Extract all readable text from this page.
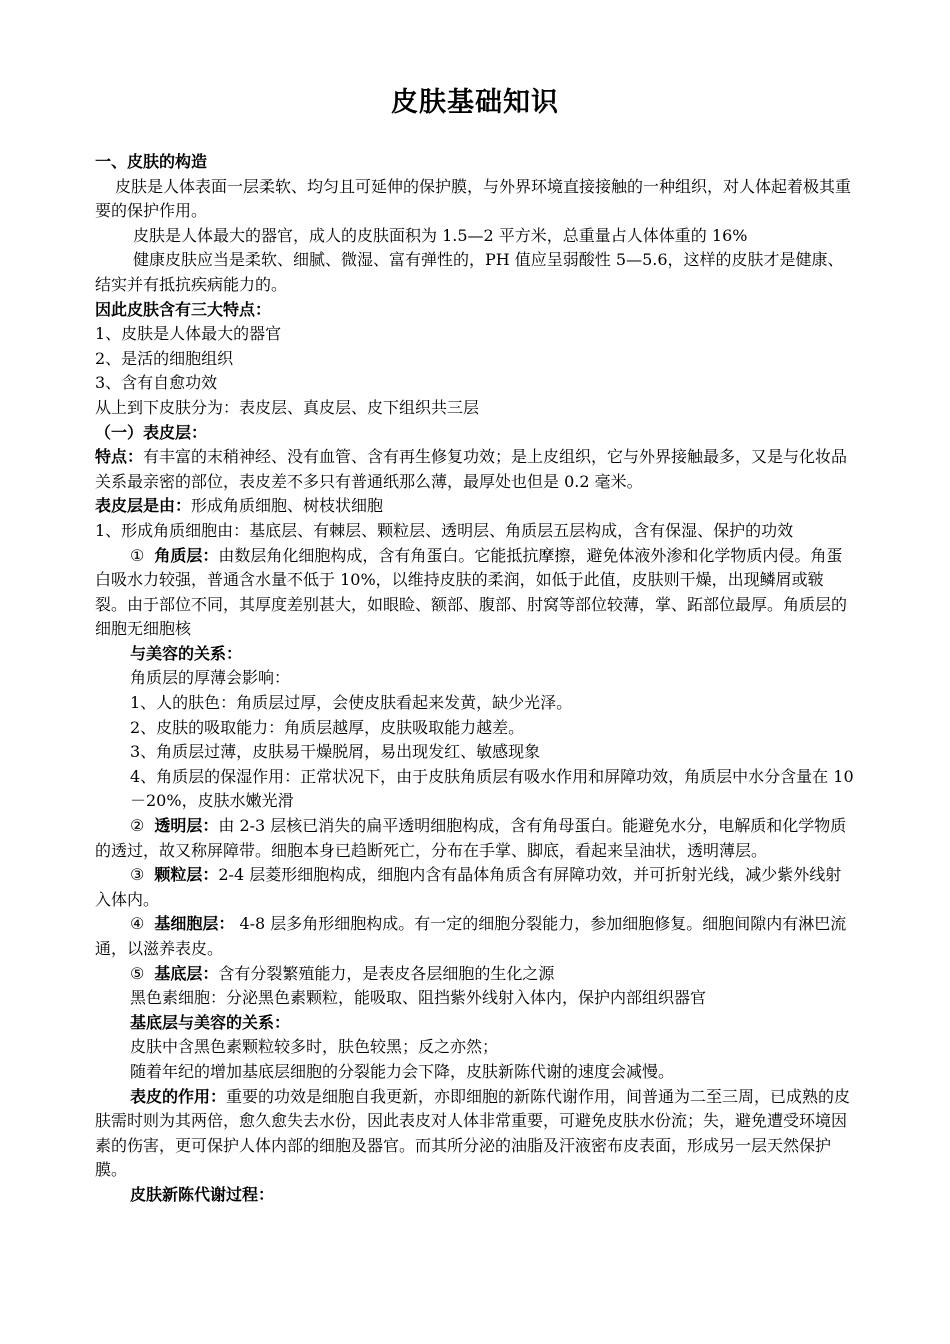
皮肤基础知识

一、皮肤的构造

皮肤是人体表面一层柔软、均匀且可延伸的保护膜，与外界环境直接接触的一种组织，对人体起着极其重要的保护作用。

皮肤是人体最大的器官，成人的皮肤面积为 1.5—2 平方米，总重量占人体体重的 16%

健康皮肤应当是柔软、细腻、微湿、富有弹性的，PH 值应呈弱酸性 5—5.6，这样的皮肤才是健康、结实并有抵抗疾病能力的。

因此皮肤含有三大特点：

1、皮肤是人体最大的器官

2、是活的细胞组织

3、含有自愈功效

从上到下皮肤分为：表皮层、真皮层、皮下组织共三层

（一）表皮层：

特点：有丰富的末稍神经、没有血管、含有再生修复功效；是上皮组织，它与外界接触最多，又是与化妆品关系最亲密的部位，表皮差不多只有普通纸那么薄，最厚处也但是 0.2 毫米。

表皮层是由：形成角质细胞、树枝状细胞

1、形成角质细胞由：基底层、有棘层、颗粒层、透明层、角质层五层构成，含有保湿、保护的功效

① 角质层：由数层角化细胞构成，含有角蛋白。它能抵抗摩擦，避免体液外渗和化学物质内侵。角蛋白吸水力较强，普通含水量不低于 10%，以维持皮肤的柔润，如低于此值，皮肤则干燥，出现鳞屑或皲裂。由于部位不同，其厚度差别甚大，如眼睑、额部、腹部、肘窝等部位较薄，掌、跖部位最厚。角质层的细胞无细胞核

与美容的关系：

角质层的厚薄会影响：

1、人的肤色：角质层过厚，会使皮肤看起来发黄，缺少光泽。

2、皮肤的吸取能力：角质层越厚，皮肤吸取能力越差。

3、角质层过薄，皮肤易干燥脱屑，易出现发红、敏感现象

4、角质层的保湿作用：正常状况下，由于皮肤角质层有吸水作用和屏障功效，角质层中水分含量在 10－20%，皮肤水嫩光滑

② 透明层：由 2-3 层核已消失的扁平透明细胞构成，含有角母蛋白。能避免水分，电解质和化学物质的透过，故又称屏障带。细胞本身已趋断死亡，分布在手掌、脚底，看起来呈油状，透明薄层。

③ 颗粒层：2-4 层菱形细胞构成，细胞内含有晶体角质含有屏障功效，并可折射光线，减少紫外线射入体内。

④ 基细胞层： 4-8 层多角形细胞构成。有一定的细胞分裂能力，参加细胞修复。细胞间隙内有淋巴流通，以滋养表皮。

⑤ 基底层：含有分裂繁殖能力，是表皮各层细胞的生化之源

黑色素细胞：分泌黑色素颗粒，能吸取、阻挡紫外线射入体内，保护内部组织器官

基底层与美容的关系：

皮肤中含黑色素颗粒较多时，肤色较黑；反之亦然；

随着年纪的增加基底层细胞的分裂能力会下降，皮肤新陈代谢的速度会减慢。

表皮的作用：重要的功效是细胞自我更新，亦即细胞的新陈代谢作用，间普通为二至三周，已成熟的皮肤需时则为其两倍，愈久愈失去水份，因此表皮对人体非常重要，可避免皮肤水份流；失，避免遭受环境因素的伤害，更可保护人体内部的细胞及器官。而其所分泌的油脂及汗液密布皮表面，形成另一层天然保护膜。

皮肤新陈代谢过程：
